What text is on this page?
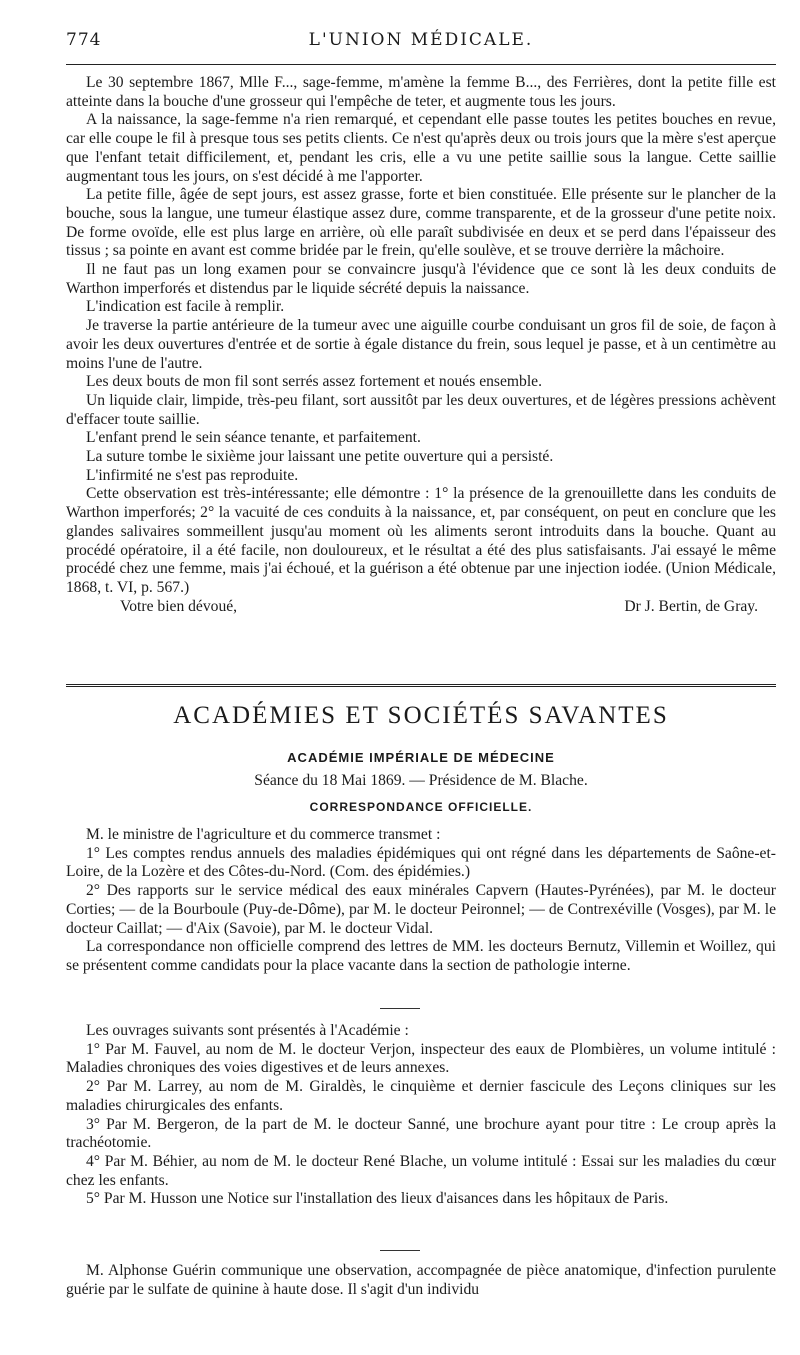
774	L'UNION MÉDICALE.

Le 30 septembre 1867, Mlle F..., sage-femme, m'amène la femme B..., des Ferrières, dont la petite fille est atteinte dans la bouche d'une grosseur qui l'empêche de teter, et augmente tous les jours.

A la naissance, la sage-femme n'a rien remarqué, et cependant elle passe toutes les petites bouches en revue, car elle coupe le fil à presque tous ses petits clients. Ce n'est qu'après deux ou trois jours que la mère s'est aperçue que l'enfant tetait difficilement, et, pendant les cris, elle a vu une petite saillie sous la langue. Cette saillie augmentant tous les jours, on s'est décidé à me l'apporter.

La petite fille, âgée de sept jours, est assez grasse, forte et bien constituée. Elle présente sur le plancher de la bouche, sous la langue, une tumeur élastique assez dure, comme transparente, et de la grosseur d'une petite noix. De forme ovoïde, elle est plus large en arrière, où elle paraît subdivisée en deux et se perd dans l'épaisseur des tissus ; sa pointe en avant est comme bridée par le frein, qu'elle soulève, et se trouve derrière la mâchoire.

Il ne faut pas un long examen pour se convaincre jusqu'à l'évidence que ce sont là les deux conduits de Warthon imperforés et distendus par le liquide sécrété depuis la naissance.

L'indication est facile à remplir.

Je traverse la partie antérieure de la tumeur avec une aiguille courbe conduisant un gros fil de soie, de façon à avoir les deux ouvertures d'entrée et de sortie à égale distance du frein, sous lequel je passe, et à un centimètre au moins l'une de l'autre.

Les deux bouts de mon fil sont serrés assez fortement et noués ensemble.

Un liquide clair, limpide, très-peu filant, sort aussitôt par les deux ouvertures, et de légères pressions achèvent d'effacer toute saillie.

L'enfant prend le sein séance tenante, et parfaitement.

La suture tombe le sixième jour laissant une petite ouverture qui a persisté.

L'infirmité ne s'est pas reproduite.

Cette observation est très-intéressante; elle démontre : 1° la présence de la grenouillette dans les conduits de Warthon imperforés; 2° la vacuité de ces conduits à la naissance, et, par conséquent, on peut en conclure que les glandes salivaires sommeillent jusqu'au moment où les aliments seront introduits dans la bouche. Quant au procédé opératoire, il a été facile, non douloureux, et le résultat a été des plus satisfaisants. J'ai essayé le même procédé chez une femme, mais j'ai échoué, et la guérison a été obtenue par une injection iodée. (Union Médicale, 1868, t. VI, p. 567.)

Votre bien dévoué,	Dr J. Bertin, de Gray.
ACADÉMIES ET SOCIÉTÉS SAVANTES
ACADÉMIE IMPÉRIALE DE MÉDECINE
Séance du 18 Mai 1869. — Présidence de M. Blache.
CORRESPONDANCE OFFICIELLE.

M. le ministre de l'agriculture et du commerce transmet :

1° Les comptes rendus annuels des maladies épidémiques qui ont régné dans les départements de Saône-et-Loire, de la Lozère et des Côtes-du-Nord. (Com. des épidémies.)

2° Des rapports sur le service médical des eaux minérales Capvern (Hautes-Pyrénées), par M. le docteur Corties; — de la Bourboule (Puy-de-Dôme), par M. le docteur Peironnel; — de Contrexéville (Vosges), par M. le docteur Caillat; — d'Aix (Savoie), par M. le docteur Vidal.

La correspondance non officielle comprend des lettres de MM. les docteurs Bernutz, Villemin et Woillez, qui se présentent comme candidats pour la place vacante dans la section de pathologie interne.

Les ouvrages suivants sont présentés à l'Académie :

1° Par M. Fauvel, au nom de M. le docteur Verjon, inspecteur des eaux de Plombières, un volume intitulé : Maladies chroniques des voies digestives et de leurs annexes.

2° Par M. Larrey, au nom de M. Giraldès, le cinquième et dernier fascicule des Leçons cliniques sur les maladies chirurgicales des enfants.

3° Par M. Bergeron, de la part de M. le docteur Sanné, une brochure ayant pour titre : Le croup après la trachéotomie.

4° Par M. Béhier, au nom de M. le docteur René Blache, un volume intitulé : Essai sur les maladies du cœur chez les enfants.

5° Par M. Husson une Notice sur l'installation des lieux d'aisances dans les hôpitaux de Paris.

M. Alphonse Guérin communique une observation, accompagnée de pièce anatomique, d'infection purulente guérie par le sulfate de quinine à haute dose. Il s'agit d'un individu
